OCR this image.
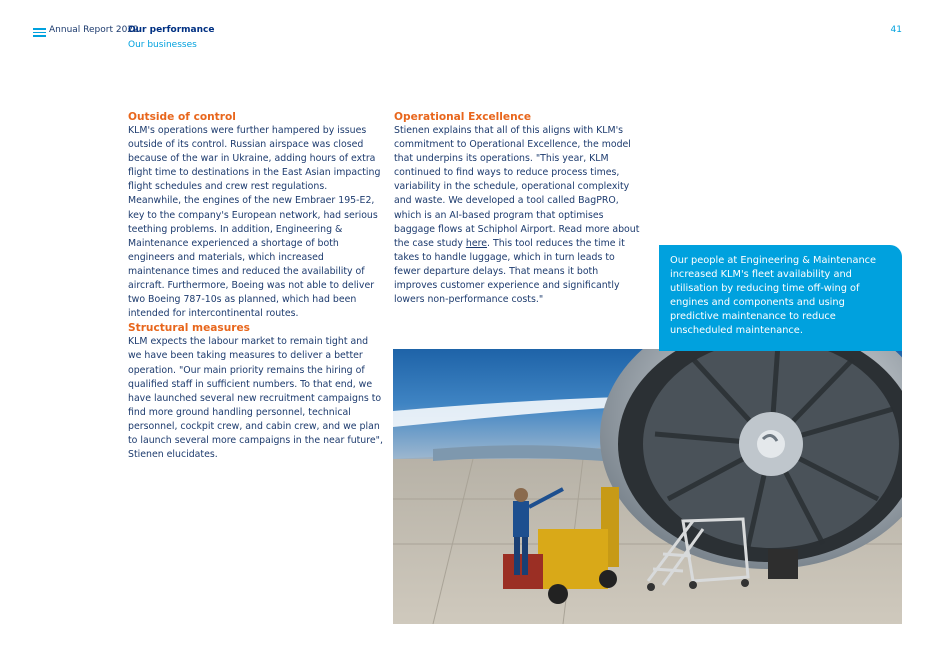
Annual Report 2022
Our performance
Our businesses
41
Outside of control

KLM's operations were further hampered by issues outside of its control. Russian airspace was closed because of the war in Ukraine, adding hours of extra flight time to destinations in the East Asian impacting flight schedules and crew rest regulations. Meanwhile, the engines of the new Embraer 195-E2, key to the company's European network, had serious teething problems. In addition, Engineering & Maintenance experienced a shortage of both engineers and materials, which increased maintenance times and reduced the availability of aircraft. Furthermore, Boeing was not able to deliver two Boeing 787-10s as planned, which had been intended for intercontinental routes.

Structural measures

KLM expects the labour market to remain tight and we have been taking measures to deliver a better operation. "Our main priority remains the hiring of qualified staff in sufficient numbers. To that end, we have launched several new recruitment campaigns to find more ground handling personnel, technical personnel, cockpit crew, and cabin crew, and we plan to launch several more campaigns in the near future", Stienen elucidates.

Operational Excellence

Stienen explains that all of this aligns with KLM's commitment to Operational Excellence, the model that underpins its operations. "This year, KLM continued to find ways to reduce process times, variability in the schedule, operational complexity and waste. We developed a tool called BagPRO, which is an AI-based program that optimises baggage flows at Schiphol Airport. Read more about the case study here. This tool reduces the time it takes to handle luggage, which in turn leads to fewer departure delays. That means it both improves customer experience and significantly lowers non-performance costs."

Our people at Engineering & Maintenance increased KLM's fleet availability and utilisation by reducing time off-wing of engines and components and using predictive maintenance to reduce unscheduled maintenance.
